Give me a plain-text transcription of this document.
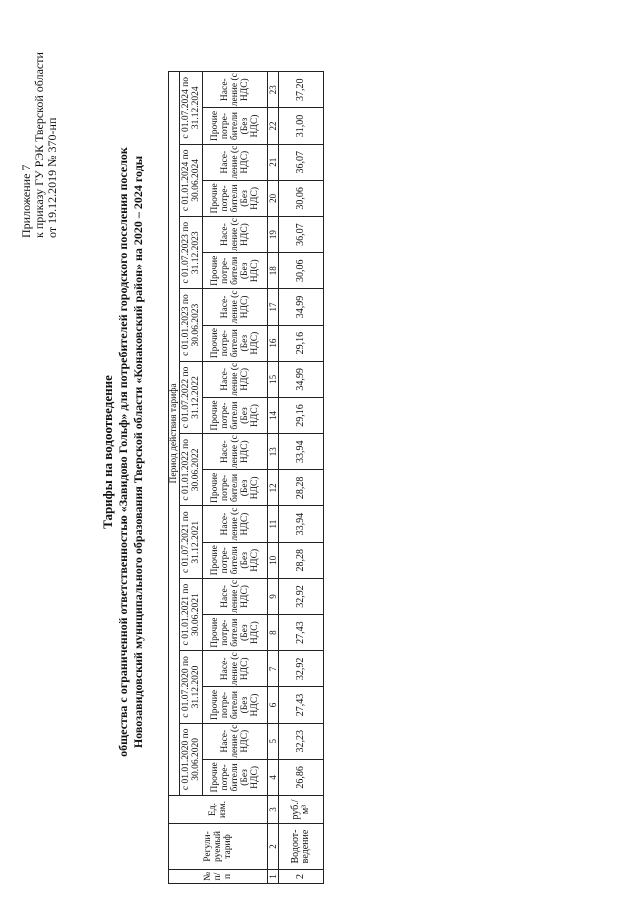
Приложение 7 к приказу ГУ РЭК Тверской области от 19.12.2019 № 370-нп
Тарифы на водоотведение общества с ограниченной ответственностью «Завидово Гольф» для потребителей городского поселения поселок Новозавидовский муниципального образования Тверской области «Конаковский район» на 2020 – 2024 годы
№ п/ п	Регули-руемый тариф	Ед. изм.	Период действия тарифа																			
			с 01.01.2020 по 30.06.2020		с 01.07.2020 по 31.12.2020		с 01.01.2021 по 30.06.2021		с 01.07.2021 по 31.12.2021		с 01.01.2022 по 30.06.2022		с 01.07.2022 по 31.12.2022		с 01.01.2023 по 30.06.2023		с 01.07.2023 по 31.12.2023		с 01.01.2024 по 30.06.2024		с 01.07.2024 по 31.12.2024	
			Прочие потре-бители (Без НДС)	Насе-ление (с НДС)	Прочие потре-бители (Без НДС)	Насе-ление (с НДС)	Прочие потре-бители (Без НДС)	Насе-ление (с НДС)	Прочие потре-бители (Без НДС)	Насе-ление (с НДС)	Прочие потре-бители (Без НДС)	Насе-ление (с НДС)	Прочие потре-бители (Без НДС)	Насе-ление (с НДС)	Прочие потре-бители (Без НДС)	Насе-ление (с НДС)	Прочие потре-бители (Без НДС)	Насе-ление (с НДС)	Прочие потре-бители (Без НДС)	Насе-ление (с НДС)	Прочие потре-бители (Без НДС)	Насе-ление (с НДС)
1	2	3	4	5	6	7	8	9	10	11	12	13	14	15	16	17	18	19	20	21	22	23
2	Водоот-ведение	руб./м³	26,86	32,23	27,43	32,92	27,43	32,92	28,28	33,94	28,28	33,94	29,16	34,99	29,16	34,99	30,06	36,07	30,06	36,07	31,00	37,20
